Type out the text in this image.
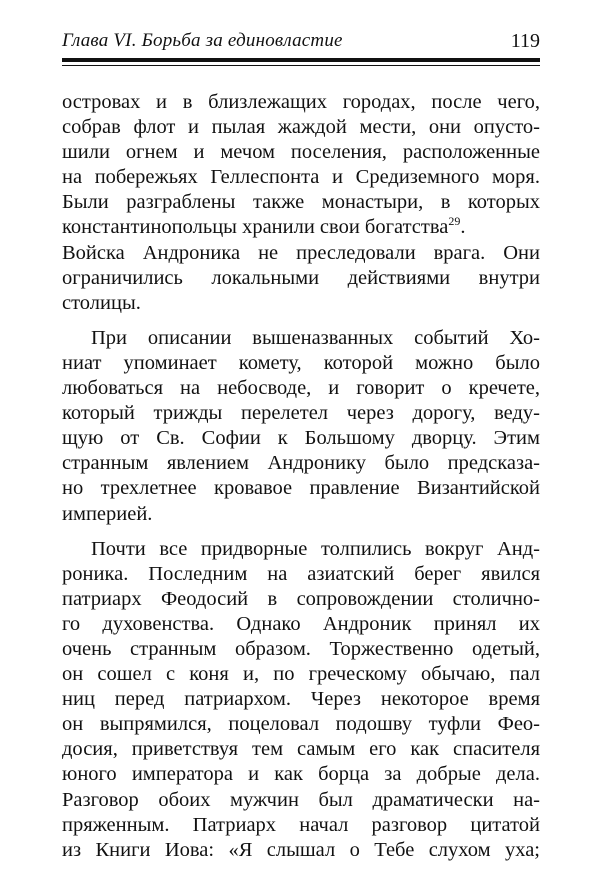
Глава VI. Борьба за единовластие	119
островах и в близлежащих городах, после чего,
собрав флот и пылая жаждой мести, они опусто-
шили огнем и мечом поселения, расположенные
на побережьях Геллеспонта и Средиземного моря.
Были разграблены также монастыри, в которых
константинопольцы хранили свои богатства$^{29}$.
Войска Андроника не преследовали врага. Они
ограничились локальными действиями внутри
столицы.
При описании вышеназванных событий Хо-
ниат упоминает комету, которой можно было
любоваться на небосводе, и говорит о кречете,
который трижды перелетел через дорогу, веду-
щую от Св. Софии к Большому дворцу. Этим
странным явлением Андронику было предсказа-
но трехлетнее кровавое правление Византийской
империей.
Почти все придворные толпились вокруг Анд-
роника. Последним на азиатский берег явился
патриарх Феодосий в сопровождении столично-
го духовенства. Однако Андроник принял их
очень странным образом. Торжественно одетый,
он сошел с коня и, по греческому обычаю, пал
ниц перед патриархом. Через некоторое время
он выпрямился, поцеловал подошву туфли Фео-
досия, приветствуя тем самым его как спасителя
юного императора и как борца за добрые дела.
Разговор обоих мужчин был драматически на-
пряженным. Патриарх начал разговор цитатой
из Книги Иова: «Я слышал о Тебе слухом уха;
